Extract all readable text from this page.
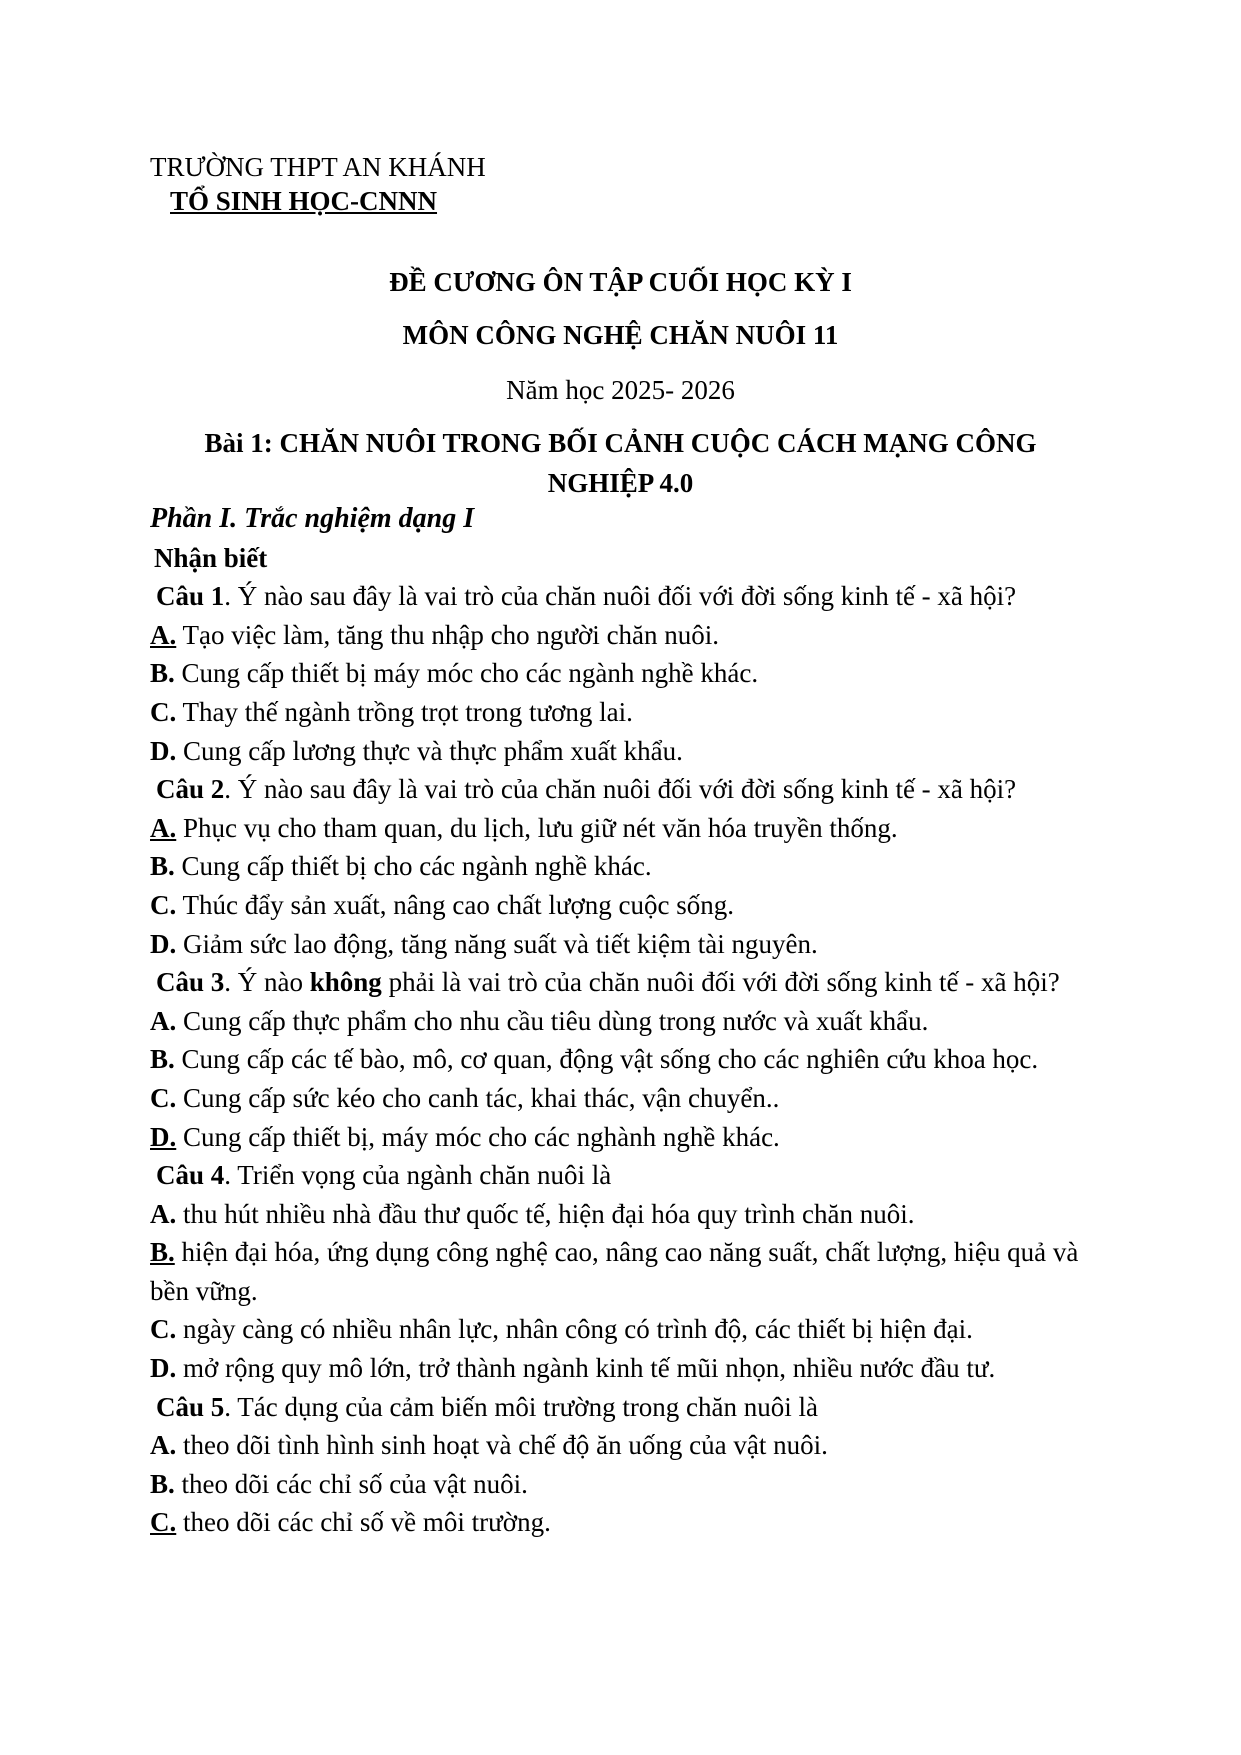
TRƯỜNG THPT AN KHÁNH
TỔ SINH HỌC-CNNN
ĐỀ CƯƠNG ÔN TẬP CUỐI HỌC KỲ I
MÔN CÔNG NGHỆ CHĂN NUÔI 11
Năm học 2025- 2026
Bài 1: CHĂN NUÔI TRONG BỐI CẢNH CUỘC CÁCH MẠNG CÔNG
NGHIỆP 4.0
Phần I. Trắc nghiệm dạng I
Nhận biết
Câu 1. Ý nào sau đây là vai trò của chăn nuôi đối với đời sống kinh tế - xã hội?
A. Tạo việc làm, tăng thu nhập cho người chăn nuôi.
B. Cung cấp thiết bị máy móc cho các ngành nghề khác.
C. Thay thế ngành trồng trọt trong tương lai.
D. Cung cấp lương thực và thực phẩm xuất khẩu.
Câu 2. Ý nào sau đây là vai trò của chăn nuôi đối với đời sống kinh tế - xã hội?
A. Phục vụ cho tham quan, du lịch, lưu giữ nét văn hóa truyền thống.
B. Cung cấp thiết bị cho các ngành nghề khác.
C. Thúc đẩy sản xuất, nâng cao chất lượng cuộc sống.
D. Giảm sức lao động, tăng năng suất và tiết kiệm tài nguyên.
Câu 3. Ý nào không phải là vai trò của chăn nuôi đối với đời sống kinh tế - xã hội?
A. Cung cấp thực phẩm cho nhu cầu tiêu dùng trong nước và xuất khẩu.
B. Cung cấp các tế bào, mô, cơ quan, động vật sống cho các nghiên cứu khoa học.
C. Cung cấp sức kéo cho canh tác, khai thác, vận chuyển..
D. Cung cấp thiết bị, máy móc cho các nghành nghề khác.
Câu 4. Triển vọng của ngành chăn nuôi là
A. thu hút nhiều nhà đầu thư quốc tế, hiện đại hóa quy trình chăn nuôi.
B. hiện đại hóa, ứng dụng công nghệ cao, nâng cao năng suất, chất lượng, hiệu quả và bền vững.
C. ngày càng có nhiều nhân lực, nhân công có trình độ, các thiết bị hiện đại.
D. mở rộng quy mô lớn, trở thành ngành kinh tế mũi nhọn, nhiều nước đầu tư.
Câu 5. Tác dụng của cảm biến môi trường trong chăn nuôi là
A. theo dõi tình hình sinh hoạt và chế độ ăn uống của vật nuôi.
B. theo dõi các chỉ số của vật nuôi.
C. theo dõi các chỉ số về môi trường.
